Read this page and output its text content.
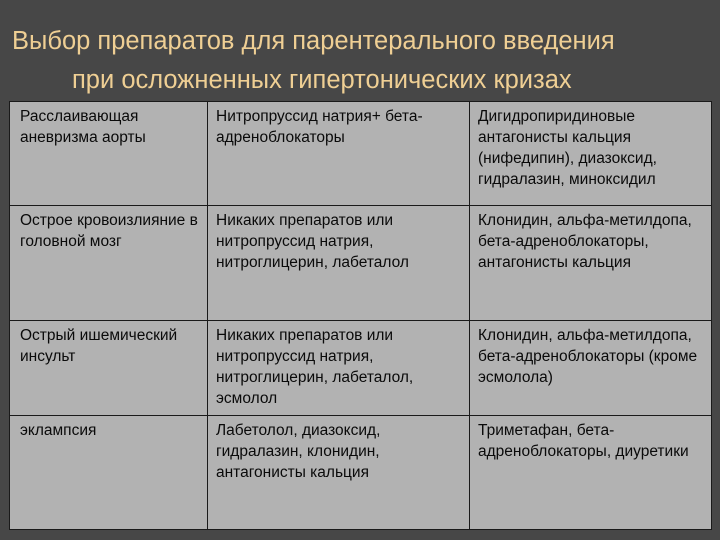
Выбор препаратов для парентерального введения
при осложненных гипертонических кризах
Расслаивающая аневризма аорты	Нитропруссид натрия+ бета-адреноблокаторы	Дигидропиридиновые антагонисты кальция (нифедипин), диазоксид, гидралазин, миноксидил
Острое кровоизлияние в головной мозг	Никаких препаратов или нитропруссид натрия, нитроглицерин, лабеталол	Клонидин, альфа-метилдопа, бета-адреноблокаторы, антагонисты кальция
Острый ишемический инсульт	Никаких препаратов или нитропруссид натрия, нитроглицерин, лабеталол, эсмолол	Клонидин, альфа-метилдопа, бета-адреноблокаторы (кроме эсмолола)
эклампсия	Лабетолол, диазоксид, гидралазин, клонидин, антагонисты кальция	Триметафан, бета-адреноблокаторы, диуретики
